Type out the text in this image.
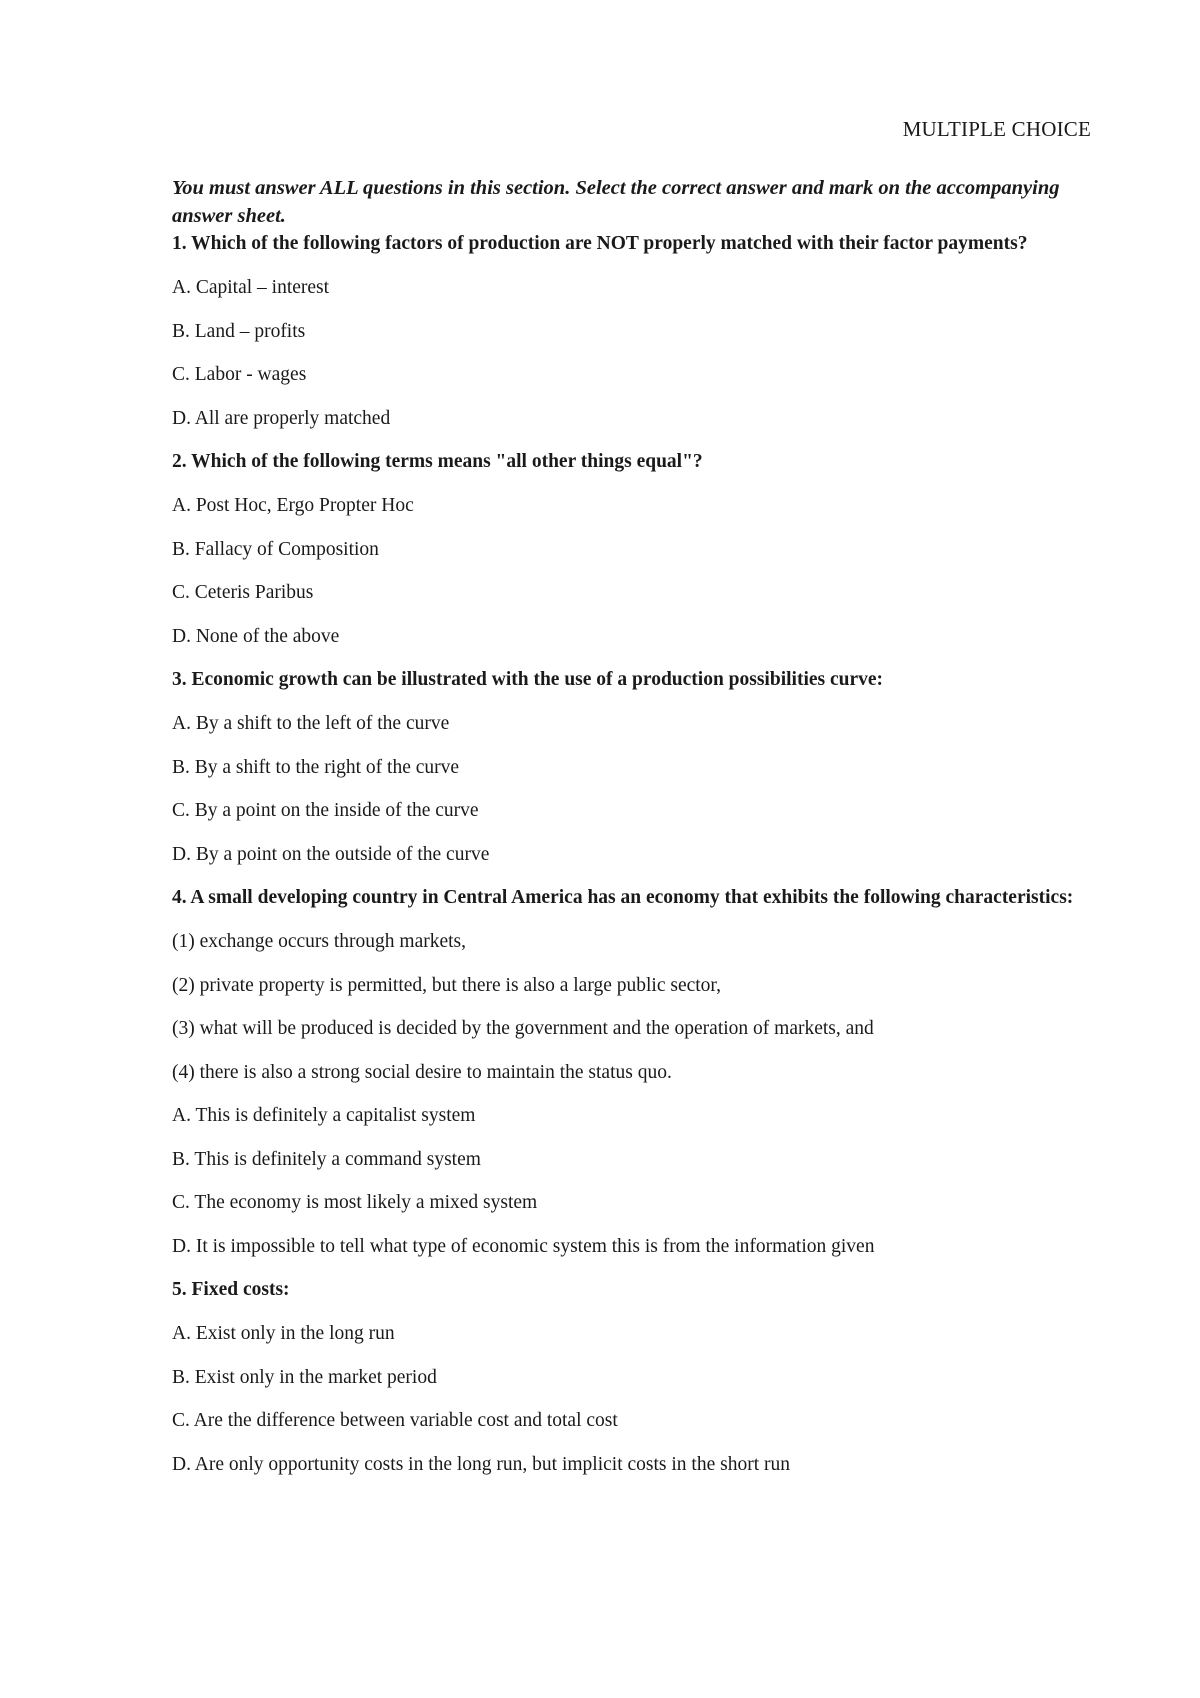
MULTIPLE CHOICE

You must answer ALL questions in this section. Select the correct answer and mark on the accompanying answer sheet.

1. Which of the following factors of production are NOT properly matched with their factor payments?

A. Capital – interest

B. Land – profits

C. Labor - wages

D. All are properly matched

2. Which of the following terms means "all other things equal"?

A. Post Hoc, Ergo Propter Hoc

B. Fallacy of Composition

C. Ceteris Paribus

D. None of the above

3. Economic growth can be illustrated with the use of a production possibilities curve:

A. By a shift to the left of the curve

B. By a shift to the right of the curve

C. By a point on the inside of the curve

D. By a point on the outside of the curve

4. A small developing country in Central America has an economy that exhibits the following characteristics:

(1) exchange occurs through markets,

(2) private property is permitted, but there is also a large public sector,

(3) what will be produced is decided by the government and the operation of markets, and

(4) there is also a strong social desire to maintain the status quo.

A. This is definitely a capitalist system

B. This is definitely a command system

C. The economy is most likely a mixed system

D. It is impossible to tell what type of economic system this is from the information given

5. Fixed costs:

A. Exist only in the long run

B. Exist only in the market period

C. Are the difference between variable cost and total cost

D. Are only opportunity costs in the long run, but implicit costs in the short run
